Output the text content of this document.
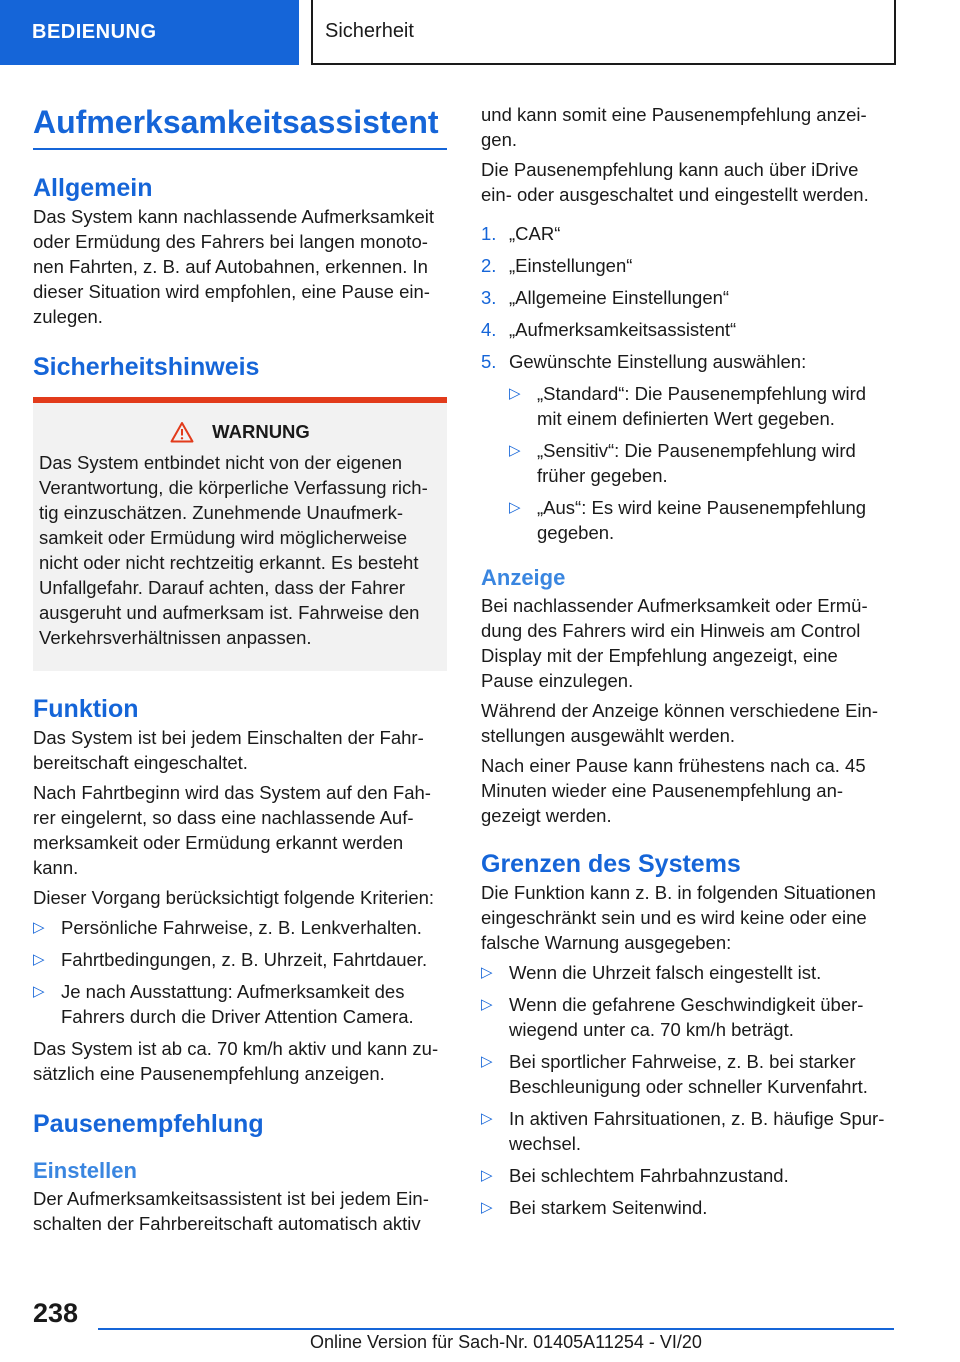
BEDIENUNG	Sicherheit
Aufmerksamkeitsassistent
Allgemein

Das System kann nachlassende Aufmerksamkeit oder Ermüdung des Fahrers bei langen monotonen Fahrten, z. B. auf Autobahnen, erkennen. In dieser Situation wird empfohlen, eine Pause einzulegen.

Sicherheitshinweis
WARNUNG

Das System entbindet nicht von der eigenen Verantwortung, die körperliche Verfassung richtig einzuschätzen. Zunehmende Unaufmerksamkeit oder Ermüdung wird möglicherweise nicht oder nicht rechtzeitig erkannt. Es besteht Unfallgefahr. Darauf achten, dass der Fahrer ausgeruht und aufmerksam ist. Fahrweise den Verkehrsverhältnissen anpassen.

Funktion

Das System ist bei jedem Einschalten der Fahrbereitschaft eingeschaltet.

Nach Fahrtbeginn wird das System auf den Fahrer eingelernt, so dass eine nachlassende Aufmerksamkeit oder Ermüdung erkannt werden kann.

Dieser Vorgang berücksichtigt folgende Kriterien:

▷ Persönliche Fahrweise, z. B. Lenkverhalten.
▷ Fahrtbedingungen, z. B. Uhrzeit, Fahrtdauer.
▷ Je nach Ausstattung: Aufmerksamkeit des Fahrers durch die Driver Attention Camera.

Das System ist ab ca. 70 km/h aktiv und kann zusätzlich eine Pausenempfehlung anzeigen.

Pausenempfehlung
Einstellen

Der Aufmerksamkeitsassistent ist bei jedem Einschalten der Fahrbereitschaft automatisch aktiv

und kann somit eine Pausenempfehlung anzeigen.

Die Pausenempfehlung kann auch über iDrive ein- oder ausgeschaltet und eingestellt werden.

1. „CAR“
2. „Einstellungen“
3. „Allgemeine Einstellungen“
4. „Aufmerksamkeitsassistent“
5. Gewünschte Einstellung auswählen:
▷ „Standard“: Die Pausenempfehlung wird mit einem definierten Wert gegeben.
▷ „Sensitiv“: Die Pausenempfehlung wird früher gegeben.
▷ „Aus“: Es wird keine Pausenempfehlung gegeben.
Anzeige

Bei nachlassender Aufmerksamkeit oder Ermüdung des Fahrers wird ein Hinweis am Control Display mit der Empfehlung angezeigt, eine Pause einzulegen.

Während der Anzeige können verschiedene Einstellungen ausgewählt werden.

Nach einer Pause kann frühestens nach ca. 45 Minuten wieder eine Pausenempfehlung angezeigt werden.

Grenzen des Systems

Die Funktion kann z. B. in folgenden Situationen eingeschränkt sein und es wird keine oder eine falsche Warnung ausgegeben:

▷ Wenn die Uhrzeit falsch eingestellt ist.
▷ Wenn die gefahrene Geschwindigkeit überwiegend unter ca. 70 km/h beträgt.
▷ Bei sportlicher Fahrweise, z. B. bei starker Beschleunigung oder schneller Kurvenfahrt.
▷ In aktiven Fahrsituationen, z. B. häufige Spurwechsel.
▷ Bei schlechtem Fahrbahnzustand.
▷ Bei starkem Seitenwind.
238
Online Version für Sach-Nr. 01405A11254 - VI/20
